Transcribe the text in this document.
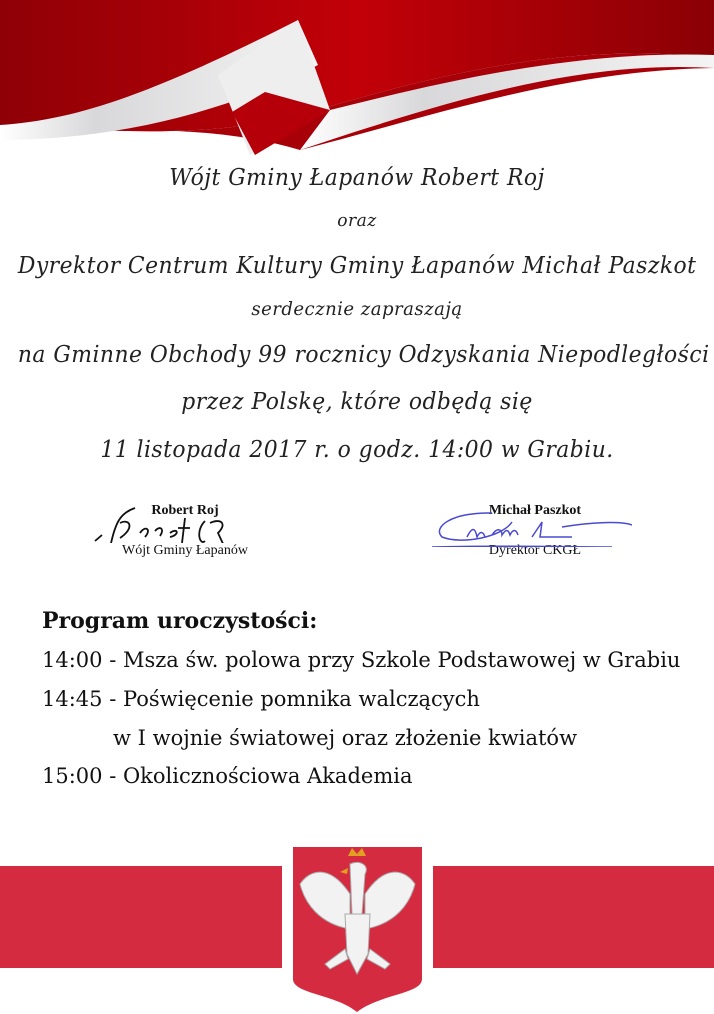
Wójt Gminy Łapanów Robert Roj
oraz
Dyrektor Centrum Kultury Gminy Łapanów Michał Paszkot
serdecznie zapraszają
na Gminne Obchody 99 rocznicy Odzyskania Niepodległości
przez Polskę, które odbędą się
11 listopada 2017 r. o godz. 14:00 w Grabiu.
Robert Roj
Wójt Gminy Łapanów
Michał Paszkot
Dyrektor CKGŁ
Program uroczystości:
14:00 - Msza św. polowa przy Szkole Podstawowej w Grabiu
14:45 - Poświęcenie pomnika walczących
w I wojnie światowej oraz złożenie kwiatów
15:00 - Okolicznościowa Akademia
